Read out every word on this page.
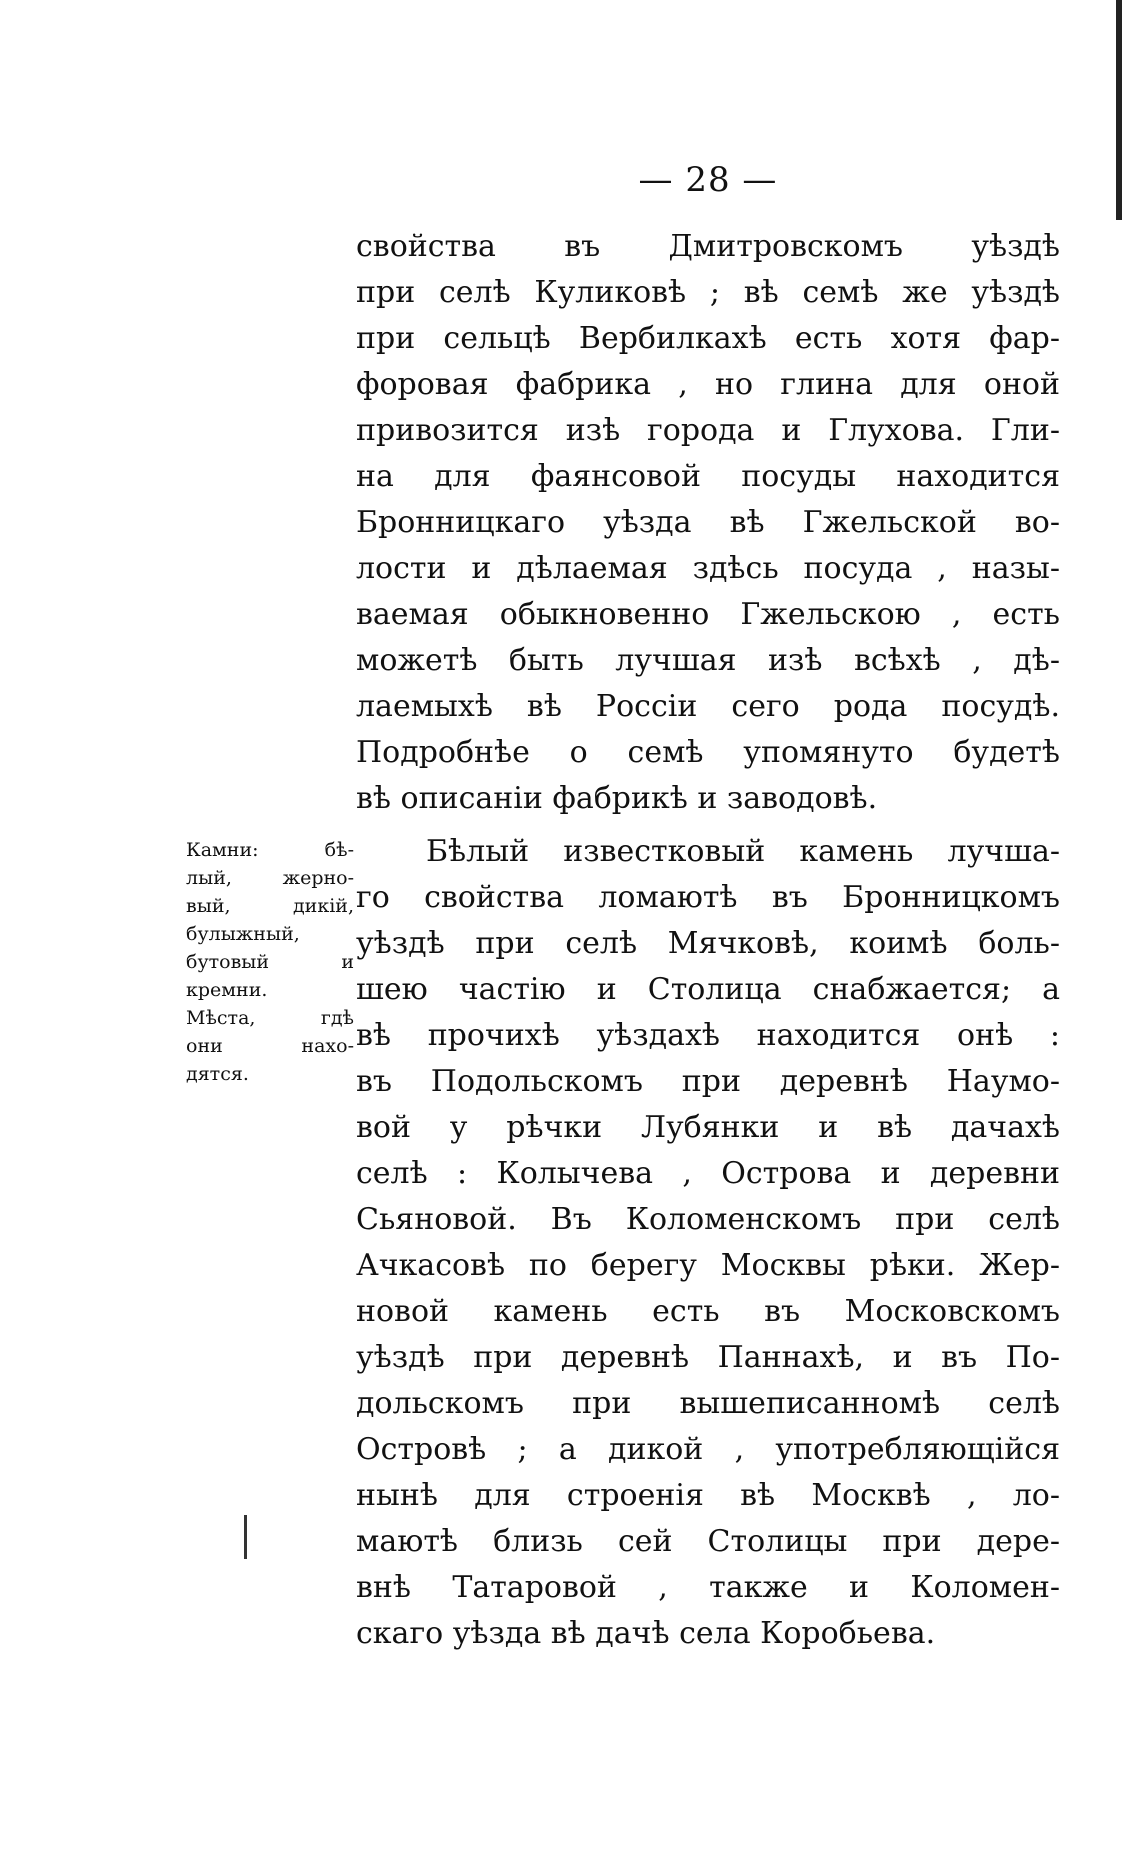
— 28 —
свойства въ Дмитровскомъ уѣздѣ
при селѣ Куликовѣ ; вѣ семѣ же уѣздѣ
при сельцѣ Вербилкахѣ есть хотя фар-
форовая фабрика , но глина для оной
привозится изѣ города и Глухова. Гли-
на для фаянсовой посуды находится
Бронницкаго уѣзда вѣ Гжельской во-
лости и дѣлаемая здѣсь посуда , назы-
ваемая обыкновенно Гжельскою , есть
можетѣ быть лучшая изѣ всѣхѣ , дѣ-
лаемыхѣ вѣ Россіи сего рода посудѣ.
Подробнѣе о семѣ упомянуто будетѣ
вѣ описаніи фабрикѣ и заводовѣ.
Камни: бѣ-
лый, жерно-
вый, дикій,
булыжный,
бутовый и
кремни.
Мѣста, гдѣ
они нахо-
дятся.
Бѣлый известковый камень лучша-
го свойства ломаютѣ въ Бронницкомъ
уѣздѣ при селѣ Мячковѣ, коимѣ боль-
шею частію и Столица снабжается; а
вѣ прочихѣ уѣздахѣ находится онѣ :
въ Подольскомъ при деревнѣ Наумо-
вой у рѣчки Лубянки и вѣ дачахѣ
селѣ : Колычева , Острова и деревни
Сьяновой. Въ Коломенскомъ при селѣ
Ачкасовѣ по берегу Москвы рѣки. Жер-
новой камень есть въ Московскомъ
уѣздѣ при деревнѣ Паннахѣ, и въ По-
дольскомъ при вышеписанномѣ селѣ
Островѣ ; а дикой , употребляющійся
нынѣ для строенія вѣ Москвѣ , ло-
маютѣ близь сей Столицы при дере-
внѣ Татаровой , также и Коломен-
скаго уѣзда вѣ дачѣ села Коробьева.
